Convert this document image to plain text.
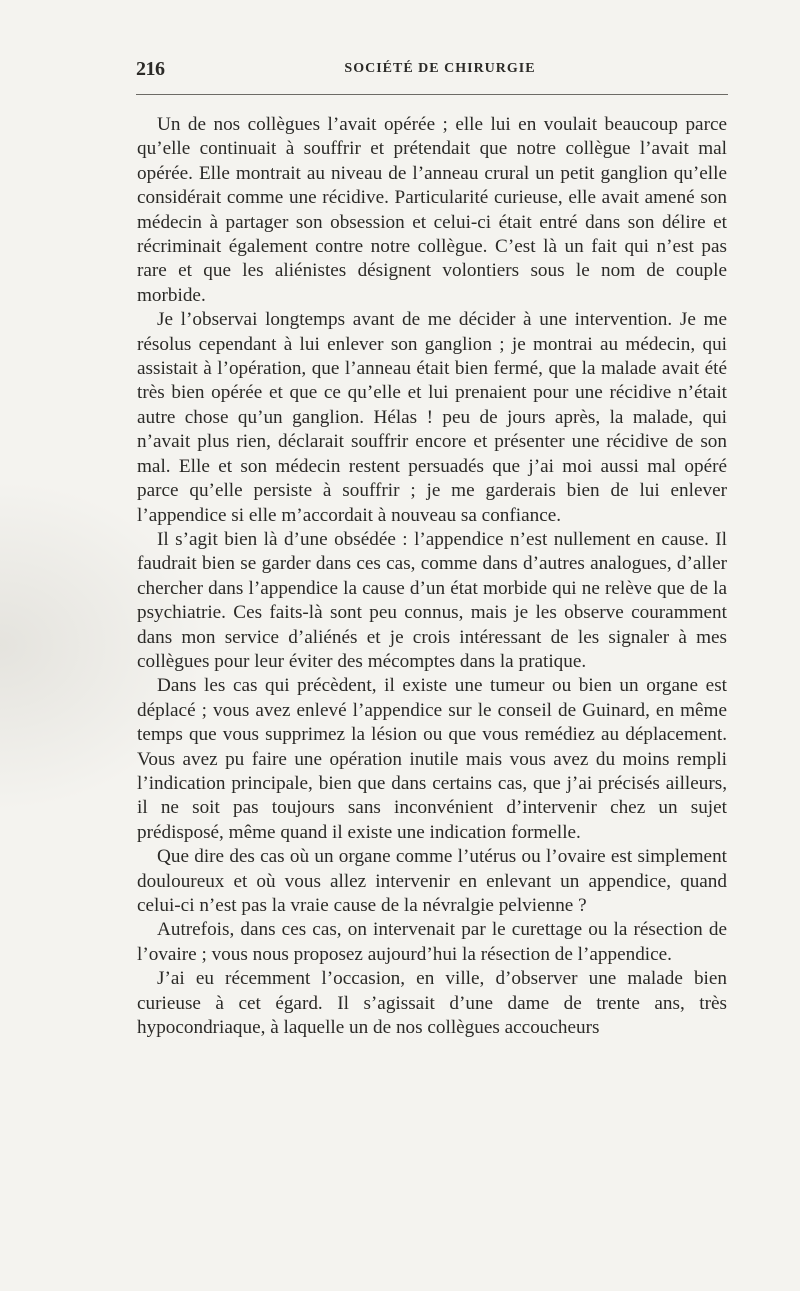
216	SOCIÉTÉ DE CHIRURGIE

Un de nos collègues l’avait opérée ; elle lui en voulait beaucoup parce qu’elle continuait à souffrir et prétendait que notre collègue l’avait mal opérée. Elle montrait au niveau de l’anneau crural un petit ganglion qu’elle considérait comme une récidive. Particularité curieuse, elle avait amené son médecin à partager son obsession et celui-ci était entré dans son délire et récriminait également contre notre collègue. C’est là un fait qui n’est pas rare et que les aliénistes désignent volontiers sous le nom de couple morbide.

Je l’observai longtemps avant de me décider à une intervention. Je me résolus cependant à lui enlever son ganglion ; je montrai au médecin, qui assistait à l’opération, que l’anneau était bien fermé, que la malade avait été très bien opérée et que ce qu’elle et lui prenaient pour une récidive n’était autre chose qu’un ganglion. Hélas ! peu de jours après, la malade, qui n’avait plus rien, déclarait souffrir encore et présenter une récidive de son mal. Elle et son médecin restent persuadés que j’ai moi aussi mal opéré parce qu’elle persiste à souffrir ; je me garderais bien de lui enlever l’appendice si elle m’accordait à nouveau sa confiance.

Il s’agit bien là d’une obsédée : l’appendice n’est nullement en cause. Il faudrait bien se garder dans ces cas, comme dans d’autres analogues, d’aller chercher dans l’appendice la cause d’un état morbide qui ne relève que de la psychiatrie. Ces faits-là sont peu connus, mais je les observe couramment dans mon service d’aliénés et je crois intéressant de les signaler à mes collègues pour leur éviter des mécomptes dans la pratique.

Dans les cas qui précèdent, il existe une tumeur ou bien un organe est déplacé ; vous avez enlevé l’appendice sur le conseil de Guinard, en même temps que vous supprimez la lésion ou que vous remédiez au déplacement. Vous avez pu faire une opération inutile mais vous avez du moins rempli l’indication principale, bien que dans certains cas, que j’ai précisés ailleurs, il ne soit pas toujours sans inconvénient d’intervenir chez un sujet prédisposé, même quand il existe une indication formelle.

Que dire des cas où un organe comme l’utérus ou l’ovaire est simplement douloureux et où vous allez intervenir en enlevant un appendice, quand celui-ci n’est pas la vraie cause de la névralgie pelvienne ?

Autrefois, dans ces cas, on intervenait par le curettage ou la résection de l’ovaire ; vous nous proposez aujourd’hui la résection de l’appendice.

J’ai eu récemment l’occasion, en ville, d’observer une malade bien curieuse à cet égard. Il s’agissait d’une dame de trente ans, très hypocondriaque, à laquelle un de nos collègues accoucheurs
